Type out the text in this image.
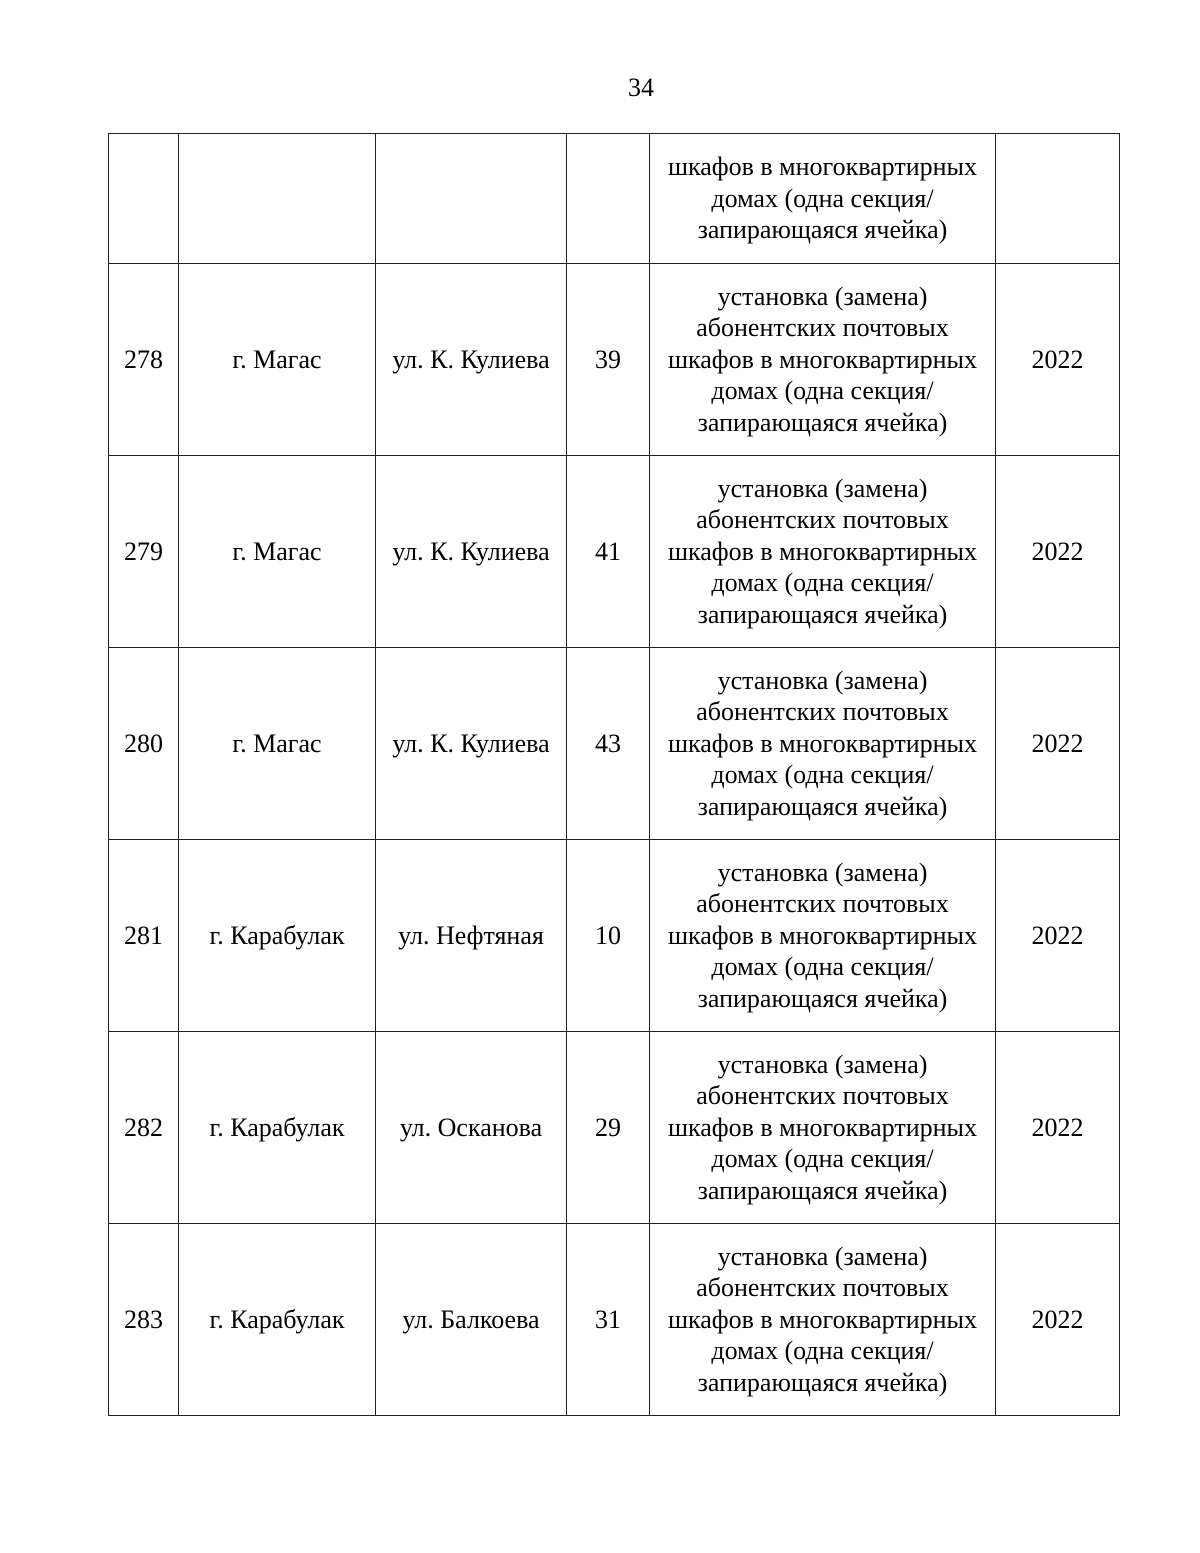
34
				шкафов в многоквартирных домах (одна секция/запирающаяся ячейка)	
278	г. Магас	ул. К. Кулиева	39	установка (замена) абонентских почтовых шкафов в многоквартирных домах (одна секция/запирающаяся ячейка)	2022
279	г. Магас	ул. К. Кулиева	41	установка (замена) абонентских почтовых шкафов в многоквартирных домах (одна секция/запирающаяся ячейка)	2022
280	г. Магас	ул. К. Кулиева	43	установка (замена) абонентских почтовых шкафов в многоквартирных домах (одна секция/запирающаяся ячейка)	2022
281	г. Карабулак	ул. Нефтяная	10	установка (замена) абонентских почтовых шкафов в многоквартирных домах (одна секция/запирающаяся ячейка)	2022
282	г. Карабулак	ул. Осканова	29	установка (замена) абонентских почтовых шкафов в многоквартирных домах (одна секция/запирающаяся ячейка)	2022
283	г. Карабулак	ул. Балкоева	31	установка (замена) абонентских почтовых шкафов в многоквартирных домах (одна секция/запирающаяся ячейка)	2022
